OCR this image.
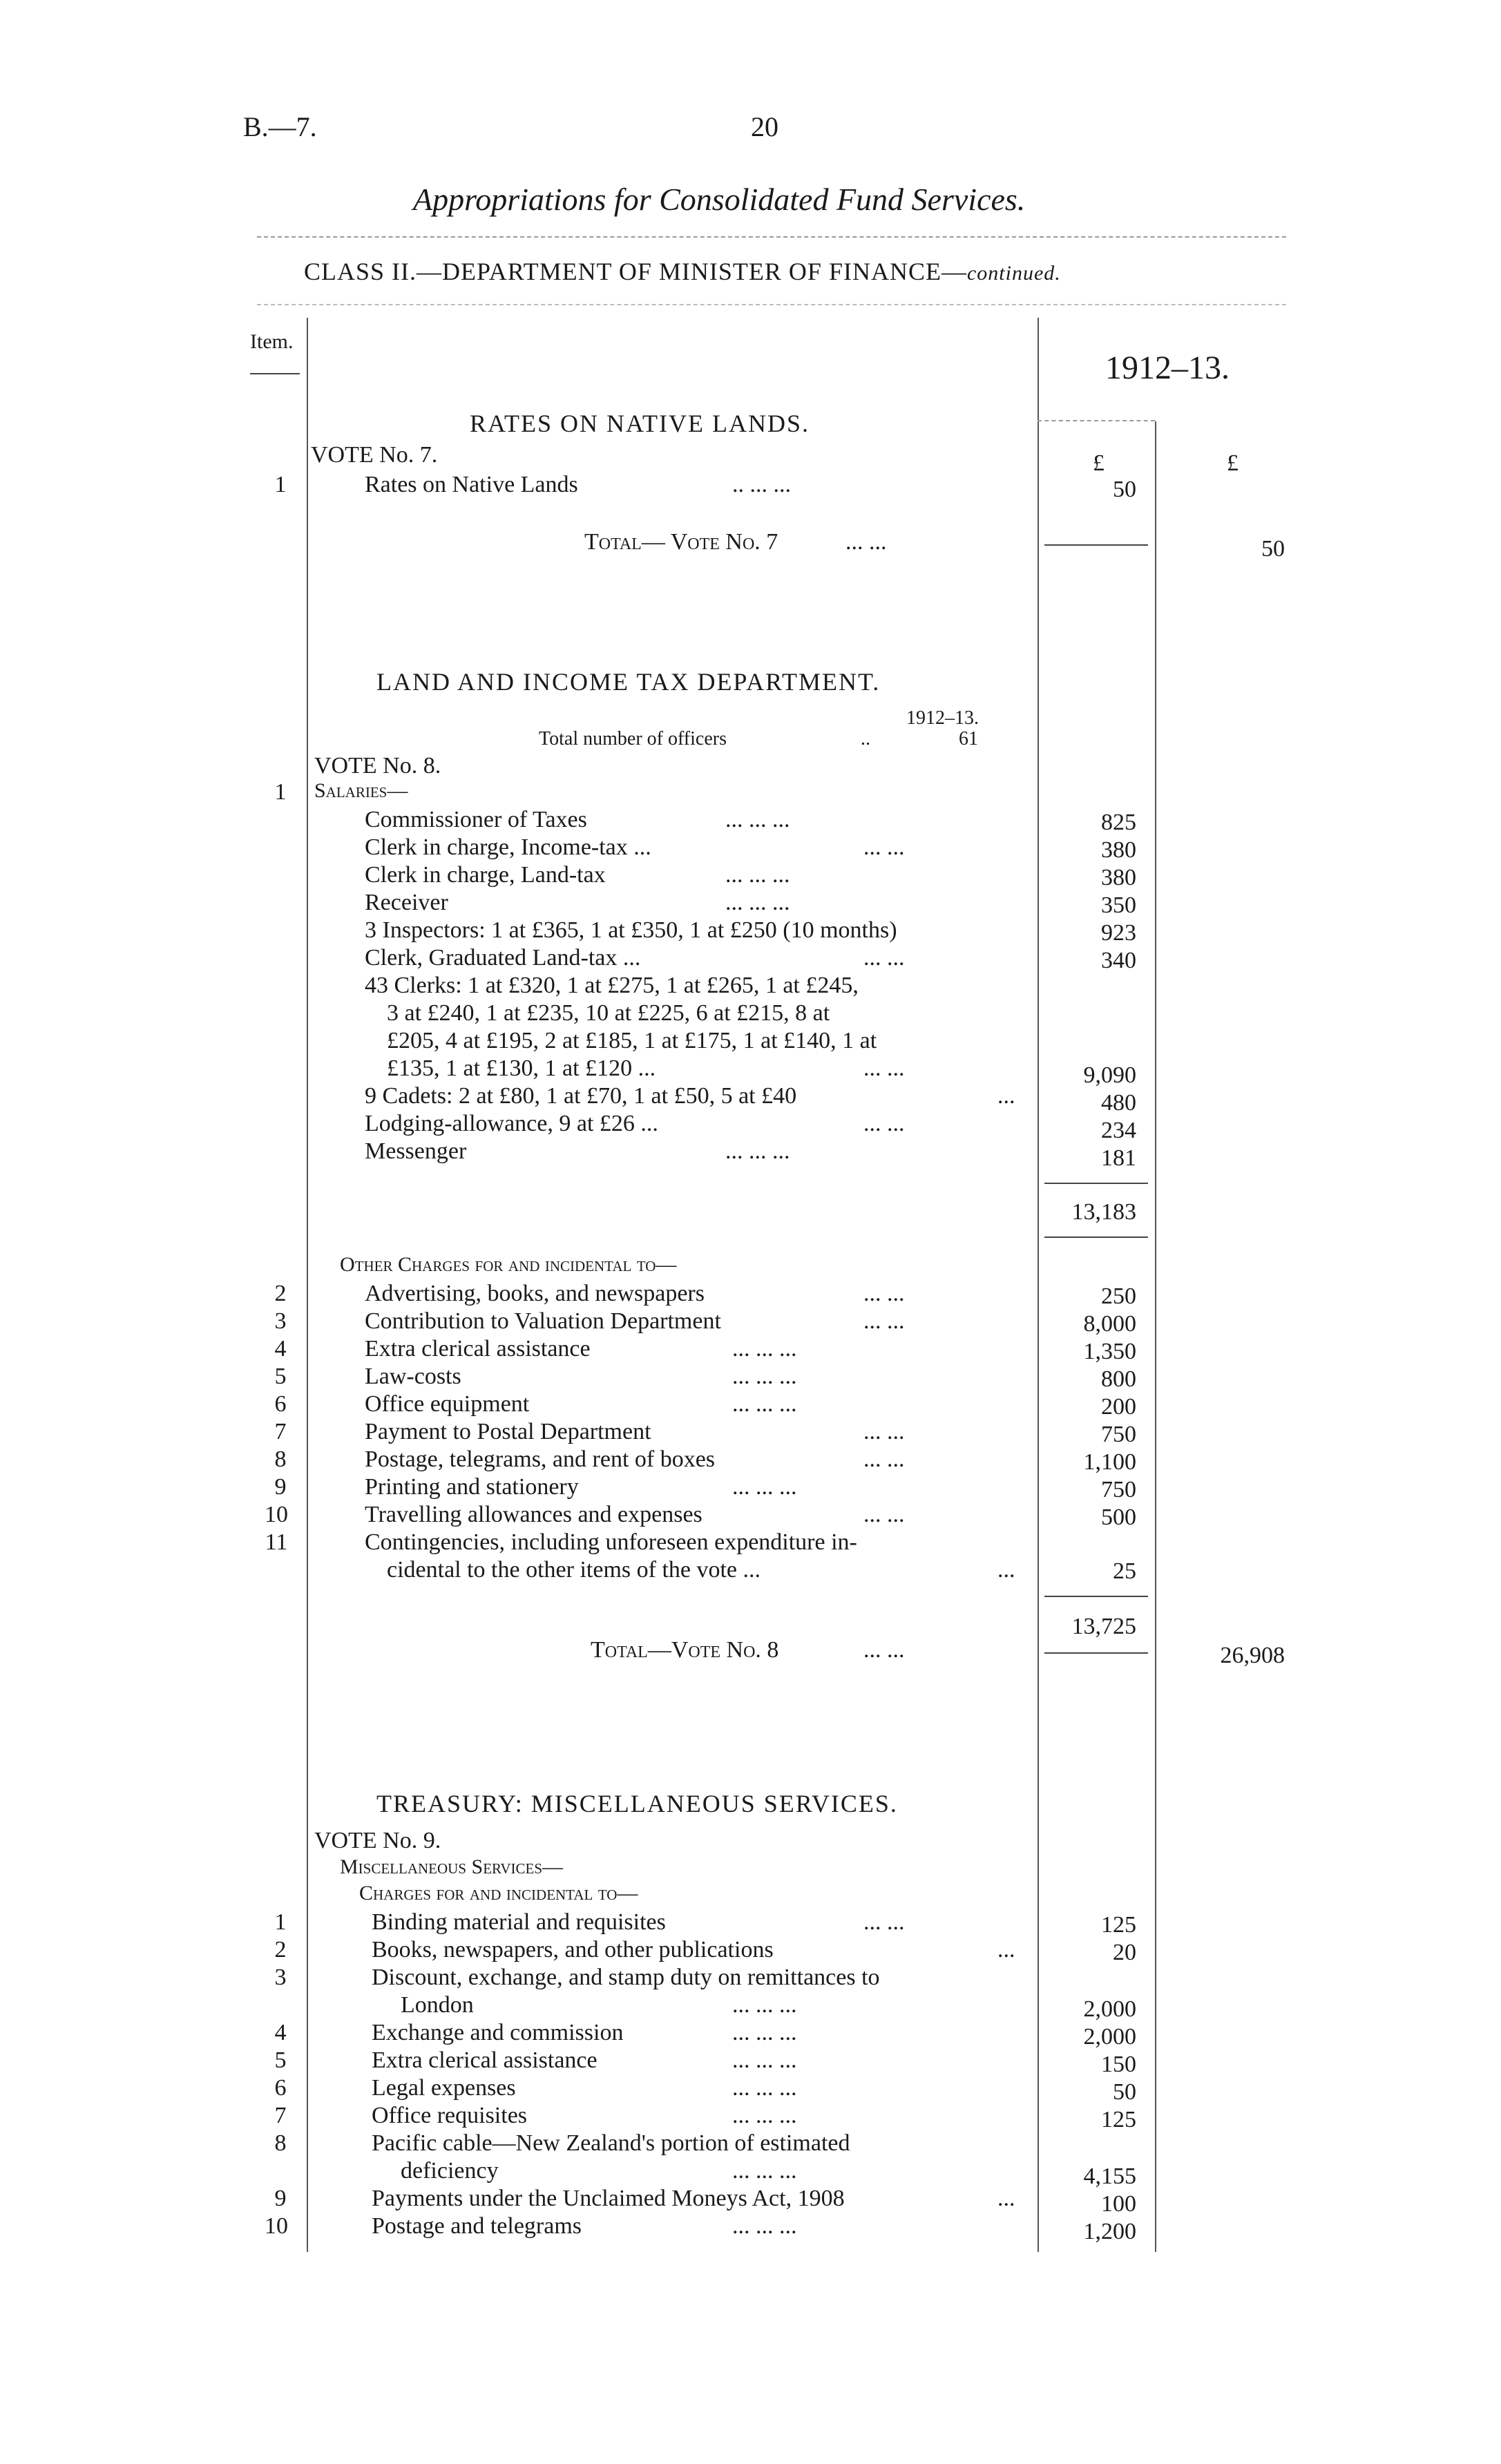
B.—7.	20
Appropriations for Consolidated Fund Services.
CLASS II.—DEPARTMENT OF MINISTER OF FINANCE—continued.
Item.
1912–13.
RATES ON NATIVE LANDS.
VOTE No. 7.	£	£
1	Rates on Native Lands	.. ... ...	50
Total— Vote No. 7	... ...	50
LAND AND INCOME TAX DEPARTMENT.
1912–13.
Total number of officers	..	61
VOTE No. 8.
1	Salaries—
Commissioner of Taxes	... ... ...	825
Clerk in charge, Income-tax ...	... ...	380
Clerk in charge, Land-tax	... ... ...	380
Receiver	... ... ...	350
3 Inspectors: 1 at £365, 1 at £350, 1 at £250 (10 months)	923
Clerk, Graduated Land-tax ...	... ...	340
43 Clerks: 1 at £320, 1 at £275, 1 at £265, 1 at £245,
3 at £240, 1 at £235, 10 at £225, 6 at £215, 8 at
£205, 4 at £195, 2 at £185, 1 at £175, 1 at £140, 1 at
£135, 1 at £130, 1 at £120 ...	... ...	9,090
9 Cadets: 2 at £80, 1 at £70, 1 at £50, 5 at £40	...	480
Lodging-allowance, 9 at £26 ...	... ...	234
Messenger	... ... ...	181
13,183
Other Charges for and incidental to—
2	Advertising, books, and newspapers	... ...	250
3	Contribution to Valuation Department	... ...	8,000
4	Extra clerical assistance	... ... ...	1,350
5	Law-costs	... ... ...	800
6	Office equipment	... ... ...	200
7	Payment to Postal Department	... ...	750
8	Postage, telegrams, and rent of boxes	... ...	1,100
9	Printing and stationery	... ... ...	750
10	Travelling allowances and expenses	... ...	500
11	Contingencies, including unforeseen expenditure in-
cidental to the other items of the vote ...	...	25
13,725
Total—Vote No. 8	... ...	26,908
TREASURY: MISCELLANEOUS SERVICES.
VOTE No. 9.
Miscellaneous Services—
Charges for and incidental to—
1	Binding material and requisites	... ...	125
2	Books, newspapers, and other publications	...	20
3	Discount, exchange, and stamp duty on remittances to
London	... ... ...	2,000
4	Exchange and commission	... ... ...	2,000
5	Extra clerical assistance	... ... ...	150
6	Legal expenses	... ... ...	50
7	Office requisites	... ... ...	125
8	Pacific cable—New Zealand's portion of estimated
deficiency	... ... ...	4,155
9	Payments under the Unclaimed Moneys Act, 1908	...	100
10	Postage and telegrams	... ... ...	1,200
